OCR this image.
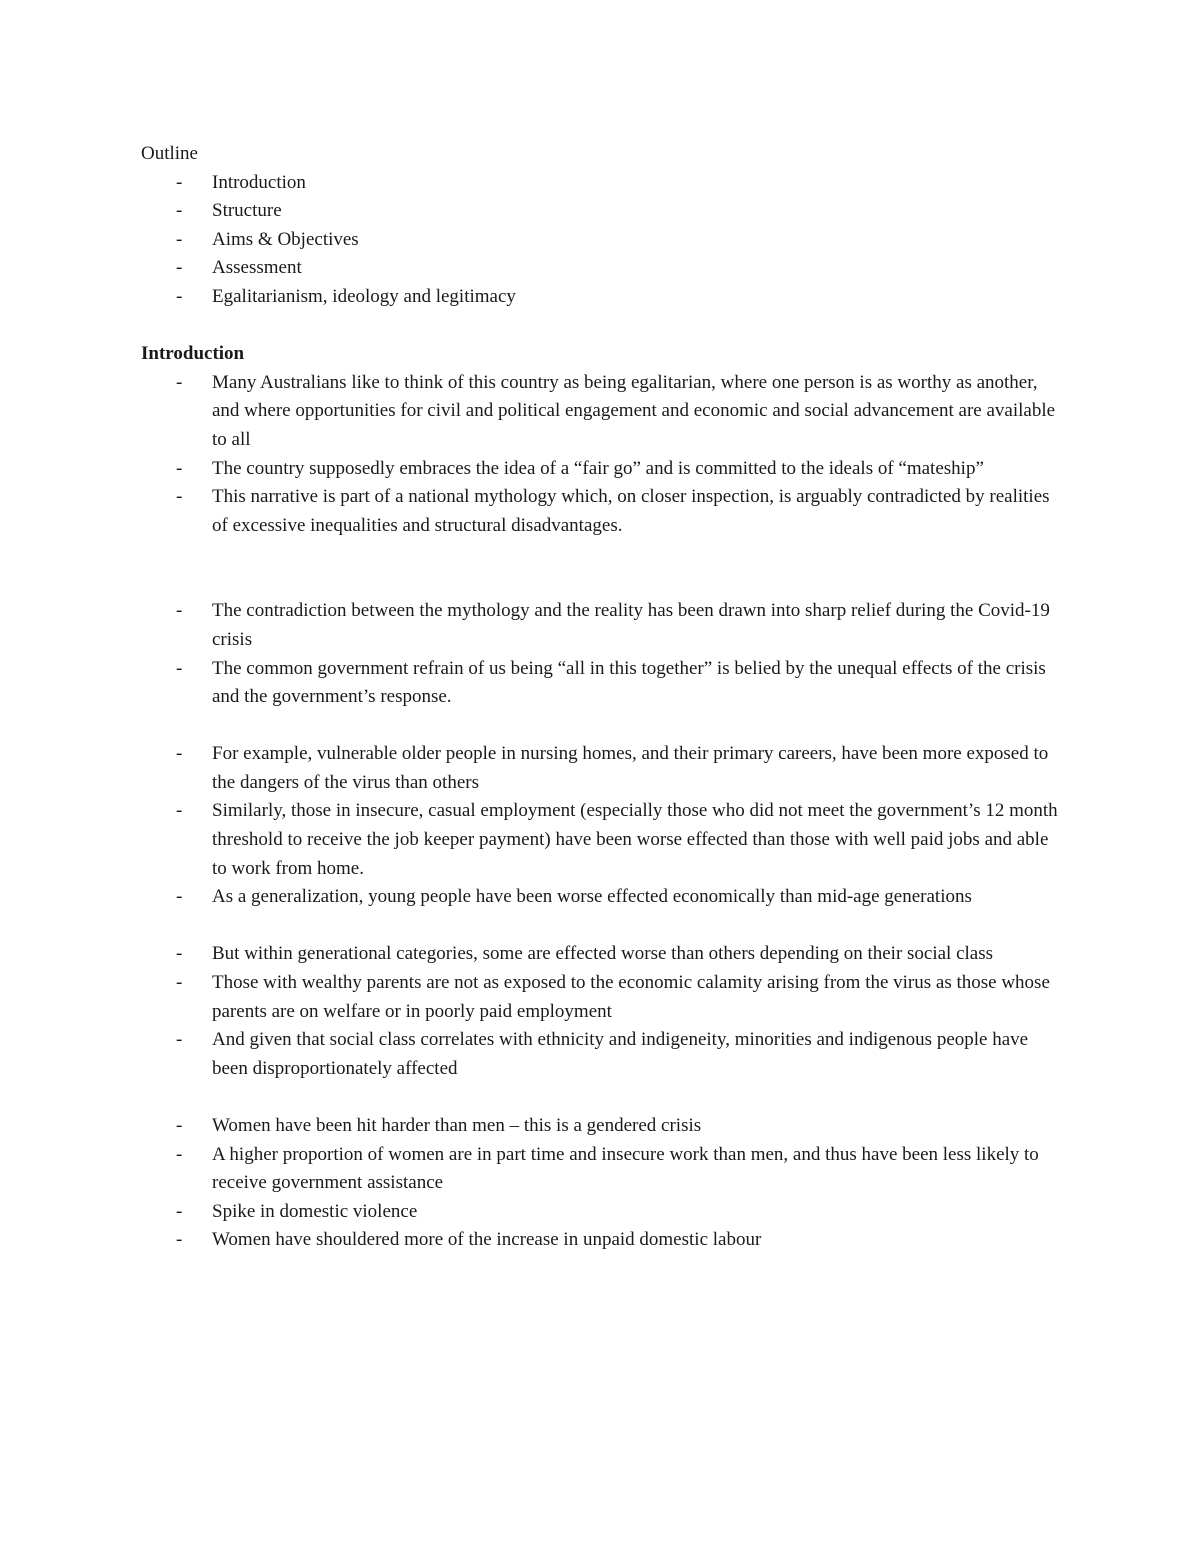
Outline

- Introduction
- Structure
- Aims & Objectives
- Assessment
- Egalitarianism, ideology and legitimacy

Introduction

- Many Australians like to think of this country as being egalitarian, where one person is as worthy as another, and where opportunities for civil and political engagement and economic and social advancement are available to all
- The country supposedly embraces the idea of a “fair go” and is committed to the ideals of “mateship”
- This narrative is part of a national mythology which, on closer inspection, is arguably contradicted by realities of excessive inequalities and structural disadvantages.
- The contradiction between the mythology and the reality has been drawn into sharp relief during the Covid-19 crisis
- The common government refrain of us being “all in this together” is belied by the unequal effects of the crisis and the government’s response.
- For example, vulnerable older people in nursing homes, and their primary careers, have been more exposed to the dangers of the virus than others
- Similarly, those in insecure, casual employment (especially those who did not meet the government’s 12 month threshold to receive the job keeper payment) have been worse effected than those with well paid jobs and able to work from home.
- As a generalization, young people have been worse effected economically than mid-age generations
- But within generational categories, some are effected worse than others depending on their social class
- Those with wealthy parents are not as exposed to the economic calamity arising from the virus as those whose parents are on welfare or in poorly paid employment
- And given that social class correlates with ethnicity and indigeneity, minorities and indigenous people have been disproportionately affected
- Women have been hit harder than men – this is a gendered crisis
- A higher proportion of women are in part time and insecure work than men, and thus have been less likely to receive government assistance
- Spike in domestic violence
- Women have shouldered more of the increase in unpaid domestic labour
